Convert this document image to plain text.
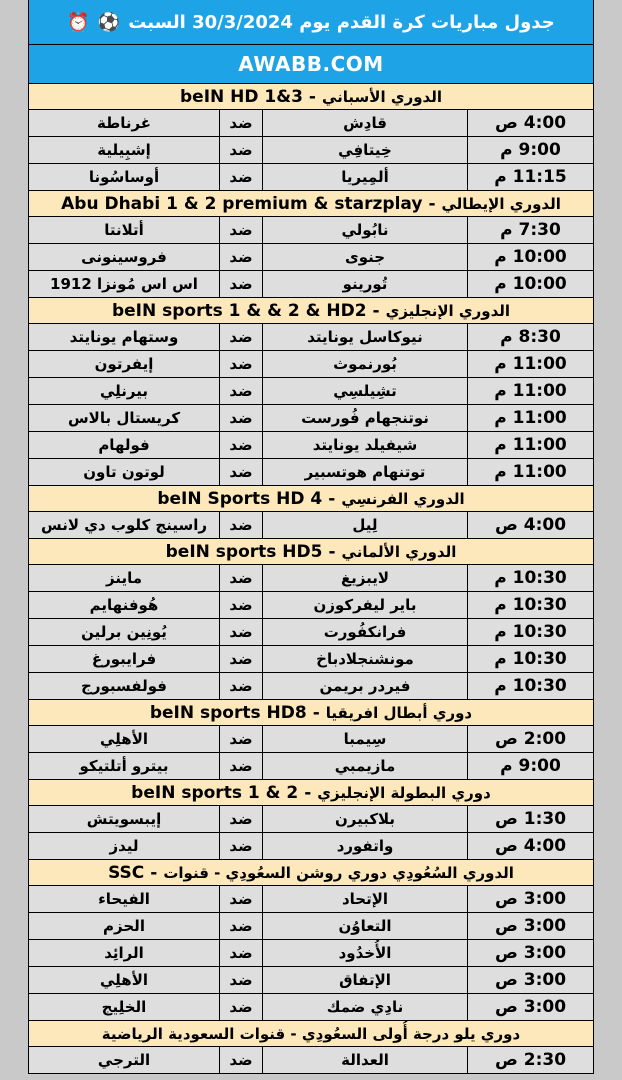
جدول مباريات كرة القدم يوم 30/3/2024 السبت
⚽
⏰
AWABB.COM
beIN HD 1&3 - الدوري الأسباني
غرناطة	ضد	قادِش	4:00 ص
إشبِيلية	ضد	خِيتافِي	9:00 م
أوساسُونا	ضد	ألمِيريا	11:15 م
Abu Dhabi 1 & 2 premium & starzplay - الدوري الإيطالي
أتلانتا	ضد	نابُولي	7:30 م
فروسينونى	ضد	جنوى	10:00 م
اس اس مُونزا 1912	ضد	تُورينو	10:00 م
beIN sports 1 & & 2 & HD2 - الدوري الإنجليزي
وستهام يونايتد	ضد	نيوكاسل يونايتد	8:30 م
إيفرتون	ضد	بُورنموث	11:00 م
بيرنلِي	ضد	تشِيلسِي	11:00 م
كريستال بالاس	ضد	نوتنجهام فُورست	11:00 م
فولهام	ضد	شيفيلد يونايتد	11:00 م
لوتون تاون	ضد	توتنهام هوتسبير	11:00 م
beIN Sports HD 4 - الدوري الفرنسِي
راسينج كلوب دي لانس	ضد	لِيل	4:00 ص
beIN sports HD5 - الدوري الألماني
ماينز	ضد	لايبزيغ	10:30 م
هُوفنهايم	ضد	باير ليفركوزن	10:30 م
يُونِين برلين	ضد	فرانكفُورت	10:30 م
فرايبورغ	ضد	مونشنجلادباخ	10:30 م
فولفسبورج	ضد	فيردر بريمن	10:30 م
beIN sports HD8 - دوري أبطال افريقيا
الأهلِي	ضد	سِيمبا	2:00 ص
بيترو أتلتيكو	ضد	مازيمبي	9:00 م
beIN sports 1 & 2 - دوري البطولة الإنجليزي
إيبسويتش	ضد	بلاكبيرن	1:30 ص
ليدز	ضد	واتفورد	4:00 ص
SSC - الدوري السُعُودِي دوري روشن السعُودِي - قنوات
الفيحاء	ضد	الإتحاد	3:00 ص
الحزم	ضد	التعاوُن	3:00 ص
الرائِد	ضد	الأُخدُود	3:00 ص
الأهلِي	ضد	الإتفاق	3:00 ص
الخلِيج	ضد	نادِي ضمك	3:00 ص
دوري يلو درجة أُولى السعُودِي - قنوات السعودية الرياضية
الترجي	ضد	العدالة	2:30 ص
